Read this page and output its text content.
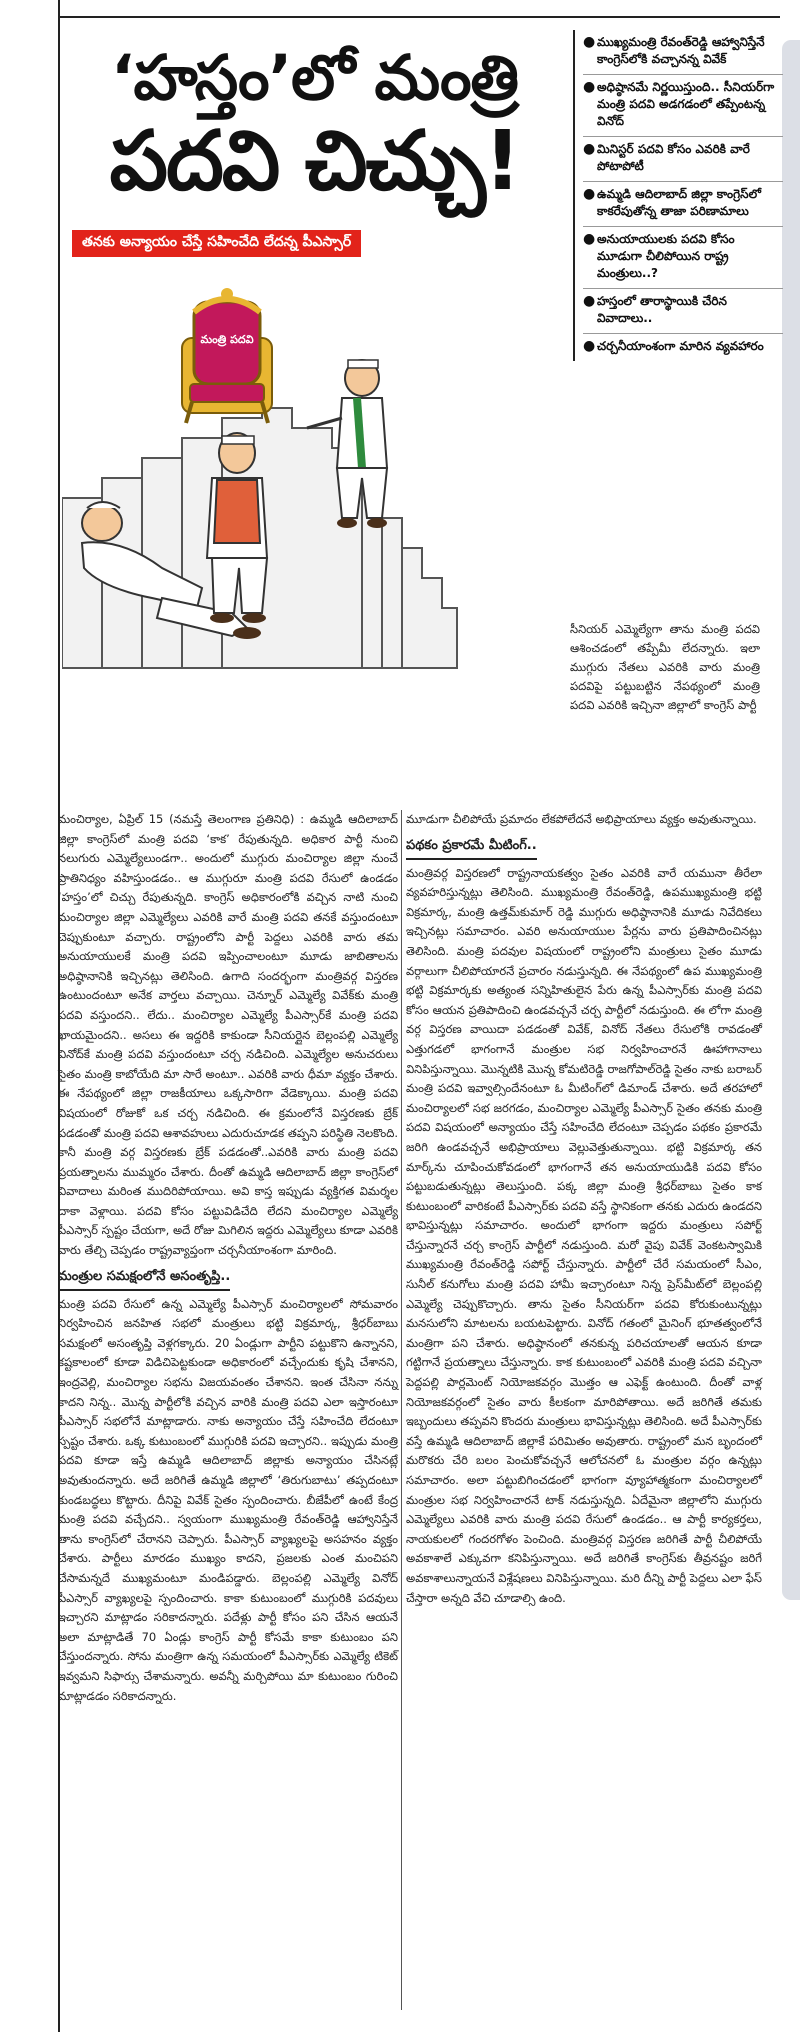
‘హస్తం’లో మంత్రి
పదవి చిచ్చు!
తనకు అన్యాయం చేస్తే సహించేది లేదన్న పీఎస్సార్
● ముఖ్యమంత్రి రేవంత్‌రెడ్డి ఆహ్వానిస్తేనే కాంగ్రెస్‌లోకి వచ్చానన్న వివేక్
● అధిష్ఠానమే నిర్ణయిస్తుంది.. సీనియర్‌గా మంత్రి పదవి అడగడంలో తప్పేంటన్న వినోద్
● మినిస్టర్ పదవి కోసం ఎవరికి వారే పోటాపోటీ
● ఉమ్మడి ఆదిలాబాద్ జిల్లా కాంగ్రెస్‌లో కాకరేపుతోన్న తాజా పరిణామాలు
● అనుయాయులకు పదవి కోసం మూడుగా చీలిపోయిన రాష్ట్ర మంత్రులు..?
● హస్తంలో తారాస్థాయికి చేరిన వివాదాలు..
● చర్చనీయాంశంగా మారిన వ్యవహారం
మంత్రి పదవి
సీనియర్ ఎమ్మెల్యేగా తాను మంత్రి పదవి ఆశించడంలో తప్పేమీ లేదన్నారు. ఇలా ముగ్గురు నేతలు ఎవరికి వారు మంత్రి పదవిపై పట్టుబట్టిన నేపథ్యంలో మంత్రి పదవి ఎవరికి ఇచ్చినా జిల్లాలో కాంగ్రెస్ పార్టీ

మంచిర్యాల, ఏప్రిల్ 15 (నమస్తే తెలంగాణ ప్రతినిధి) : ఉమ్మడి ఆదిలాబాద్ జిల్లా కాంగ్రెస్‌లో మంత్రి పదవి ‘కాక’ రేపుతున్నది. అధికార పార్టీ నుంచి నలుగురు ఎమ్మెల్యేలుండగా.. అందులో ముగ్గురు మంచిర్యాల జిల్లా నుంచే ప్రాతినిధ్యం వహిస్తుండడం.. ఆ ముగ్గురూ మంత్రి పదవి రేసులో ఉండడం ‘హస్తం’లో చిచ్చు రేపుతున్నది. కాంగ్రెస్ అధికారంలోకి వచ్చిన నాటి నుంచి మంచిర్యాల జిల్లా ఎమ్మెల్యేలు ఎవరికి వారే మంత్రి పదవి తనకే వస్తుందంటూ చెప్పుకుంటూ వచ్చారు. రాష్ట్రంలోని పార్టీ పెద్దలు ఎవరికి వారు తమ అనుయాయులకే మంత్రి పదవి ఇప్పించాలంటూ మూడు జాబితాలను అధిష్ఠానానికి ఇచ్చినట్లు తెలిసింది. ఉగాది సందర్భంగా మంత్రివర్గ విస్తరణ ఉంటుందంటూ అనేక వార్తలు వచ్చాయి. చెన్నూర్ ఎమ్మెల్యే వివేక్‌కు మంత్రి పదవి వస్తుందని.. లేదు.. మంచిర్యాల ఎమ్మెల్యే పీఎస్సార్‌కే మంత్రి పదవి ఖాయమైందని.. అసలు ఈ ఇద్దరికి కాకుండా సీనియర్లైన బెల్లంపల్లి ఎమ్మెల్యే వినోద్‌కే మంత్రి పదవి వస్తుందంటూ చర్చ నడిచింది. ఎమ్మెల్యేల అనుచరులు సైతం మంత్రి కాబోయేది మా సారే అంటూ.. ఎవరికి వారు ధీమా వ్యక్తం చేశారు. ఈ నేపథ్యంలో జిల్లా రాజకీయాలు ఒక్కసారిగా వేడెక్కాయి. మంత్రి పదవి విషయంలో రోజుకో ఒక చర్చ నడిచింది. ఈ క్రమంలోనే విస్తరణకు బ్రేక్ పడడంతో మంత్రి పదవి ఆశావహులు ఎదురుచూడక తప్పని పరిస్థితి నెలకొంది. కానీ మంత్రి వర్గ విస్తరణకు బ్రేక్ పడడంతో..ఎవరికి వారు మంత్రి పదవి ప్రయత్నాలను ముమ్మరం చేశారు. దీంతో ఉమ్మడి ఆదిలాబాద్ జిల్లా కాంగ్రెస్‌లో వివాదాలు మరింత ముదిరిపోయాయి. అవి కాస్త ఇప్పుడు వ్యక్తిగత విమర్శల దాకా వెళ్లాయి. పదవి కోసం పట్టువిడిచేది లేదని మంచిర్యాల ఎమ్మెల్యే పీఎస్సార్ స్పష్టం చేయగా, అదే రోజు మిగిలిన ఇద్దరు ఎమ్మెల్యేలు కూడా ఎవరికి వారు తేల్చి చెప్పడం రాష్ట్రవ్యాప్తంగా చర్చనీయాంశంగా మారింది.

మంత్రుల సమక్షంలోనే అసంతృప్తి..

మంత్రి పదవి రేసులో ఉన్న ఎమ్మెల్యే పీఎస్సార్ మంచిర్యాలలో సోమవారం నిర్వహించిన జనహిత సభలో మంత్రులు భట్టి విక్రమార్క, శ్రీధర్‌బాబు సమక్షంలో అసంతృప్తి వెళ్లగక్కారు. 20 ఏండ్లుగా పార్టీని పట్టుకొని ఉన్నానని, కష్టకాలంలో కూడా విడిచిపెట్టకుండా అధికారంలో వచ్చేందుకు కృషి చేశానని, ఇంద్రవెల్లి, మంచిర్యాల సభను విజయవంతం చేశానని. ఇంత చేసినా నన్ను కాదని నిన్న.. మొన్న పార్టీలోకి వచ్చిన వారికి మంత్రి పదవి ఎలా ఇస్తారంటూ పీఎస్సార్ సభలోనే మాట్లాడారు. నాకు అన్యాయం చేస్తే సహించేది లేదంటూ స్పష్టం చేశారు. ఒక్క కుటుంబంలో ముగ్గురికి పదవి ఇచ్చారని.. ఇప్పుడు మంత్రి పదవి కూడా ఇస్తే ఉమ్మడి ఆదిలాబాద్ జిల్లాకు అన్యాయం చేసినట్లే అవుతుందన్నారు. అదే జరిగితే ఉమ్మడి జిల్లాలో ‘తిరుగుబాటు’ తప్పదంటూ కుండబద్ధలు కొట్టారు. దీనిపై వివేక్ సైతం స్పందించారు. బీజేపీలో ఉంటే కేంద్ర మంత్రి పదవి వచ్చేదని.. స్వయంగా ముఖ్యమంత్రి రేవంత్‌రెడ్డి ఆహ్వానిస్తేనే తాను కాంగ్రెస్‌లో చేరానని చెప్పారు. పీఎస్సార్ వ్యాఖ్యలపై అసహనం వ్యక్తం చేశారు. పార్టీలు మారడం ముఖ్యం కాదని, ప్రజలకు ఎంత మంచిపని చేసామన్నదే ముఖ్యమంటూ మండిపడ్డారు. బెల్లంపల్లి ఎమ్మెల్యే వినోద్ పీఎస్సార్ వ్యాఖ్యలపై స్పందించారు. కాకా కుటుంబంలో ముగ్గురికి పదవులు ఇచ్చారని మాట్లాడం సరికాదన్నారు. పదేళ్లు పార్టీ కోసం పని చేసిన ఆయనే అలా మాట్లాడితే 70 ఏండ్లు కాంగ్రెస్ పార్టీ కోసమే కాకా కుటుంబం పని చేస్తుందన్నారు. సోను మంత్రిగా ఉన్న సమయంలో పీఎస్సార్‌కు ఎమ్మెల్యే టికెట్ ఇవ్వమని సిఫార్సు చేశామన్నారు. అవన్నీ మర్చిపోయి మా కుటుంబం గురించి మాట్లాడడం సరికాదన్నారు.

మూడుగా చీలిపోయే ప్రమాదం లేకపోలేదనే అభిప్రాయాలు వ్యక్తం అవుతున్నాయి.

పథకం ప్రకారమే మీటింగ్..

మంత్రివర్గ విస్తరణలో రాష్ట్రనాయకత్వం సైతం ఎవరికి వారే యమునా తీరేలా వ్యవహరిస్తున్నట్లు తెలిసింది. ముఖ్యమంత్రి రేవంత్‌రెడ్డి, ఉపముఖ్యమంత్రి భట్టి విక్రమార్క, మంత్రి ఉత్తమ్‌కుమార్ రెడ్డి ముగ్గురు అధిష్ఠానానికి మూడు నివేదికలు ఇచ్చినట్లు సమాచారం. ఎవరి అనుయాయుల పేర్లను వారు ప్రతిపాదించినట్లు తెలిసింది. మంత్రి పదవుల విషయంలో రాష్ట్రంలోని మంత్రులు సైతం మూడు వర్గాలుగా చీలిపోయారనే ప్రచారం నడుస్తున్నది. ఈ నేపథ్యంలో ఉప ముఖ్యమంత్రి భట్టి విక్రమార్కకు అత్యంత సన్నిహితులైన పేరు ఉన్న పీఎస్సార్‌కు మంత్రి పదవి కోసం ఆయన ప్రతిపాదించి ఉండవచ్చనే చర్చ పార్టీలో నడుస్తుంది. ఈ లోగా మంత్రి వర్గ విస్తరణ వాయిదా పడడంతో వివేక్, వినోద్ నేతలు రేసులోకి రావడంతో ఎత్తుగడలో భాగంగానే మంత్రుల సభ నిర్వహించారనే ఊహాగానాలు వినిపిస్తున్నాయి. మొన్నటికి మొన్న కోమటిరెడ్డి రాజగోపాల్‌రెడ్డి సైతం నాకు బరాబర్ మంత్రి పదవి ఇవ్వాల్సిందేనంటూ ఓ మీటింగ్‌లో డిమాండ్ చేశారు. అదే తరహాలో మంచిర్యాలలో సభ జరగడం, మంచిర్యాల ఎమ్మెల్యే పీఎస్సార్ సైతం తనకు మంత్రి పదవి విషయంలో అన్యాయం చేస్తే సహించేది లేదంటూ చెప్పడం పథకం ప్రకారమే జరిగి ఉండవచ్చనే అభిప్రాయాలు వెల్లువెత్తుతున్నాయి. భట్టి విక్రమార్క తన మార్క్‌ను చూపించుకోవడంలో భాగంగానే తన అనుయాయుడికి పదవి కోసం పట్టుబడుతున్నట్లు తెలుస్తుంది. పక్క జిల్లా మంత్రి శ్రీధర్‌బాబు సైతం కాక కుటుంబంలో వారికంటే పీఎస్సార్‌కు పదవి వస్తే స్థానికంగా తనకు ఎదురు ఉండదని భావిస్తున్నట్లు సమాచారం. అందులో భాగంగా ఇద్దరు మంత్రులు సపోర్ట్ చేస్తున్నారనే చర్చ కాంగ్రెస్ పార్టీలో నడుస్తుంది. మరో వైపు వివేక్ వెంకటస్వామికి ముఖ్యమంత్రి రేవంత్‌రెడ్డి సపోర్ట్ చేస్తున్నారు. పార్టీలో చేరే సమయంలో సీఎం, సునీల్ కనుగోలు మంత్రి పదవి హామీ ఇచ్చారంటూ నిన్న ప్రెస్‌మీట్‌లో బెల్లంపల్లి ఎమ్మెల్యే చెప్పుకొచ్చారు. తాను సైతం సీనియర్‌గా పదవి కోరుకుంటున్నట్లు మనసులోని మాటలను బయటపెట్టారు. వినోద్ గతంలో మైనింగ్ భూతత్వంలోనే మంత్రిగా పని చేశారు. అధిష్ఠానంలో తనకున్న పరిచయాలతో ఆయన కూడా గట్టిగానే ప్రయత్నాలు చేస్తున్నారు. కాక కుటుంబంలో ఎవరికి మంత్రి పదవి వచ్చినా పెద్దపల్లి పార్లమెంట్ నియోజకవర్గం మొత్తం ఆ ఎఫెక్ట్ ఉంటుంది. దీంతో వాళ్ల నియోజకవర్గంలో సైతం వారు కీలకంగా మారిపోతాయి. అదే జరిగితే తమకు ఇబ్బందులు తప్పవని కొందరు మంత్రులు భావిస్తున్నట్లు తెలిసింది. అదే పీఎస్సార్‌కు వస్తే ఉమ్మడి ఆదిలాబాద్ జిల్లాకే పరిమితం అవుతారు. రాష్ట్రంలో మన బృందంలో మరొకరు చేరి బలం పెంచుకోవచ్చనే ఆలోచనలో ఓ మంత్రుల వర్గం ఉన్నట్లు సమాచారం. అలా పట్టుబిగించడంలో భాగంగా వ్యూహాత్మకంగా మంచిర్యాలలో మంత్రుల సభ నిర్వహించారనే టాక్ నడుస్తున్నది. ఏదేమైనా జిల్లాలోని ముగ్గురు ఎమ్మెల్యేలు ఎవరికి వారు మంత్రి పదవి రేసులో ఉండడం.. ఆ పార్టీ కార్యకర్తలు, నాయకులలో గందరగోళం పెంచింది. మంత్రివర్గ విస్తరణ జరిగితే పార్టీ చీలిపోయే అవకాశాలే ఎక్కువగా కనిపిస్తున్నాయి. అదే జరిగితే కాంగ్రెస్‌కు తీవ్రనష్టం జరిగే అవకాశాలున్నాయనే విశ్లేషణలు వినిపిస్తున్నాయి. మరి దీన్ని పార్టీ పెద్దలు ఎలా ఫేస్ చేస్తారా అన్నది వేచి చూడాల్సి ఉంది.
